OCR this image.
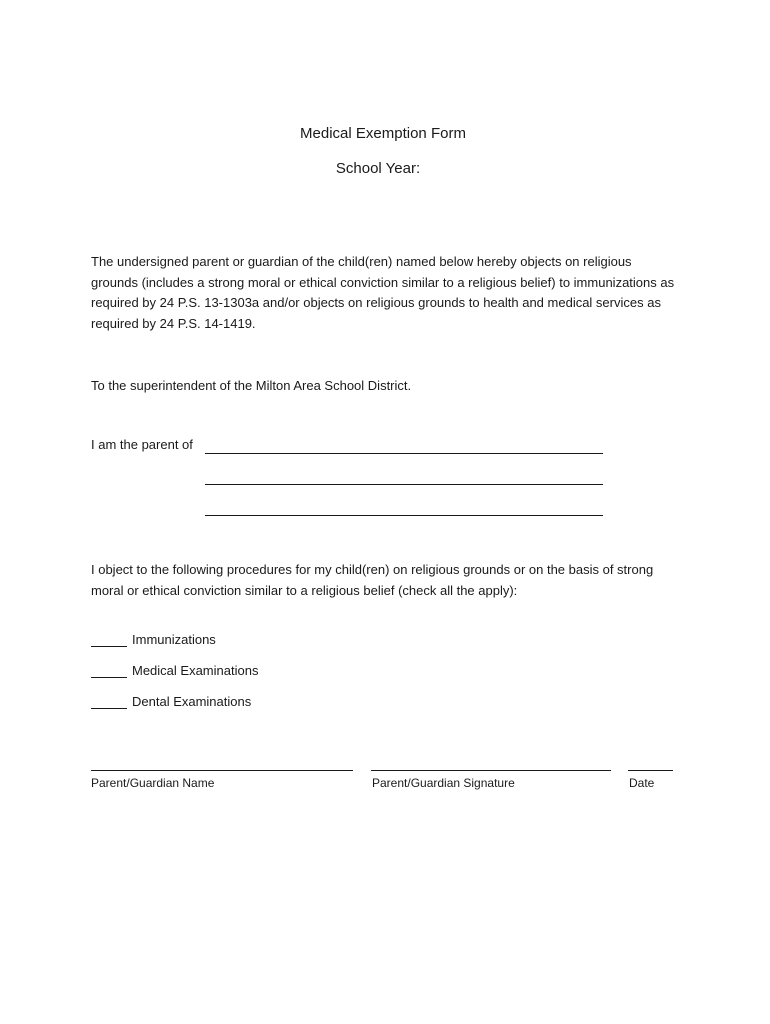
Medical Exemption Form
School Year:
The undersigned parent or guardian of the child(ren) named below hereby objects on religious grounds (includes a strong moral or ethical conviction similar to a religious belief) to immunizations as required by 24 P.S. 13-1303a and/or objects on religious grounds to health and medical services as required by 24 P.S. 14-1419.
To the superintendent of the Milton Area School District.
I am the parent of
I object to the following procedures for my child(ren) on religious grounds or on the basis of strong moral or ethical conviction similar to a religious belief (check all the apply):
Immunizations
Medical Examinations
Dental Examinations
Parent/Guardian Name	Parent/Guardian Signature	Date
